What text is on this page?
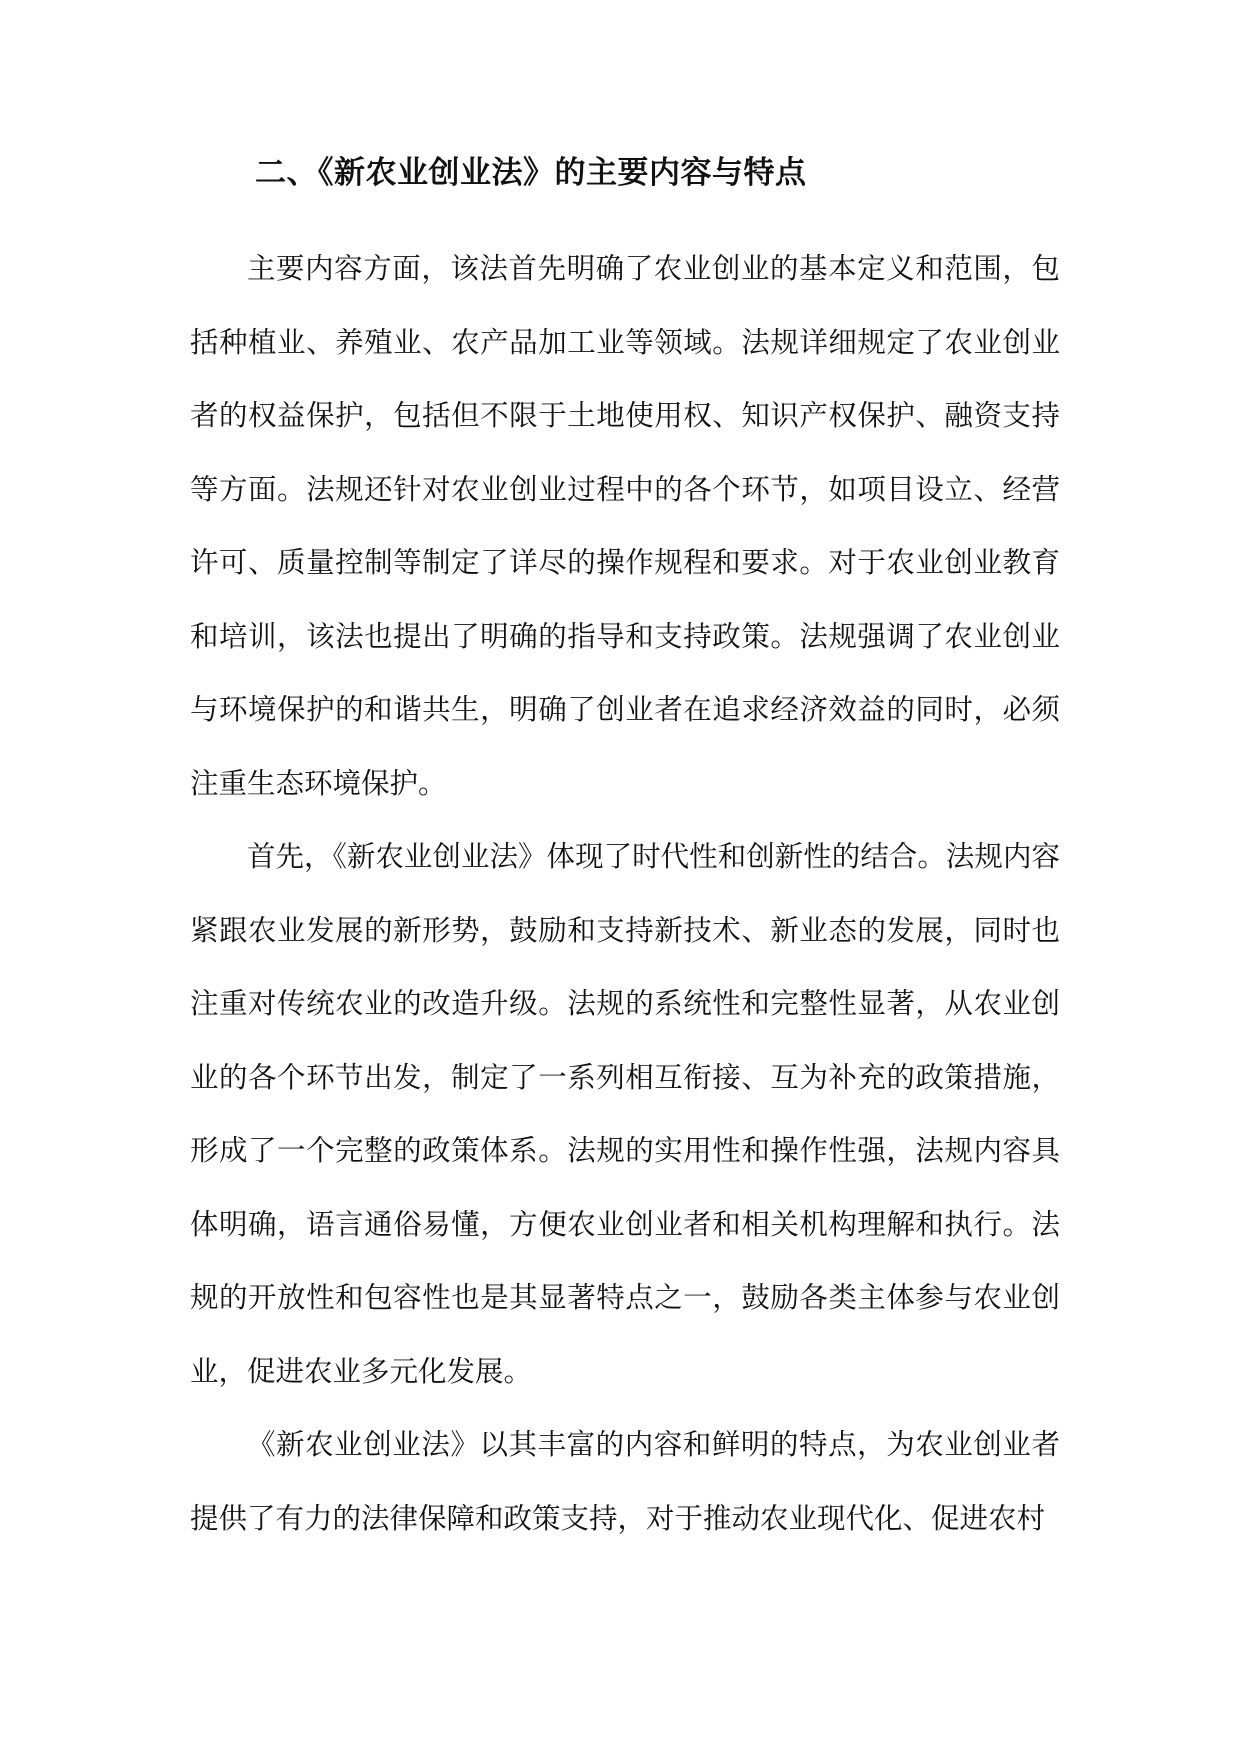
二、《新农业创业法》的主要内容与特点

主要内容方面，该法首先明确了农业创业的基本定义和范围，包括种植业、养殖业、农产品加工业等领域。法规详细规定了农业创业者的权益保护，包括但不限于土地使用权、知识产权保护、融资支持等方面。法规还针对农业创业过程中的各个环节，如项目设立、经营许可、质量控制等制定了详尽的操作规程和要求。对于农业创业教育和培训，该法也提出了明确的指导和支持政策。法规强调了农业创业与环境保护的和谐共生，明确了创业者在追求经济效益的同时，必须注重生态环境保护。

首先，《新农业创业法》体现了时代性和创新性的结合。法规内容紧跟农业发展的新形势，鼓励和支持新技术、新业态的发展，同时也注重对传统农业的改造升级。法规的系统性和完整性显著，从农业创业的各个环节出发，制定了一系列相互衔接、互为补充的政策措施，形成了一个完整的政策体系。法规的实用性和操作性强，法规内容具体明确，语言通俗易懂，方便农业创业者和相关机构理解和执行。法规的开放性和包容性也是其显著特点之一，鼓励各类主体参与农业创业，促进农业多元化发展。

《新农业创业法》以其丰富的内容和鲜明的特点，为农业创业者提供了有力的法律保障和政策支持，对于推动农业现代化、促进农村
